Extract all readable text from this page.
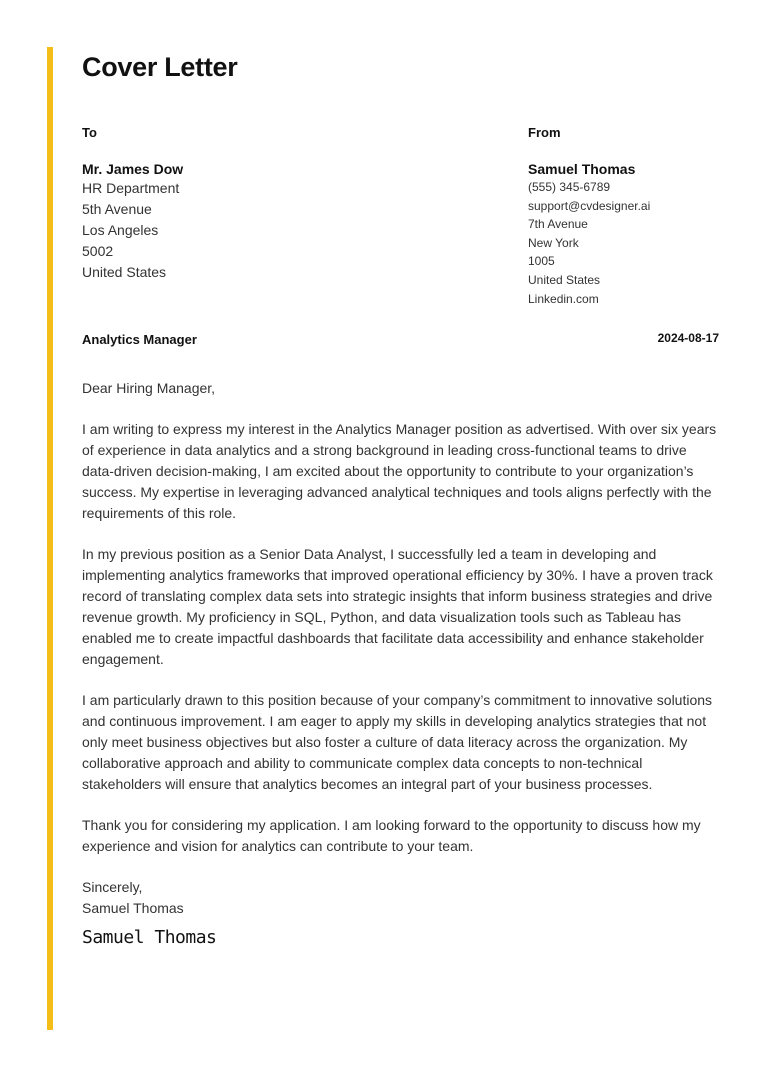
Cover Letter
To
Mr. James Dow
HR Department
5th Avenue
Los Angeles
5002
United States
From
Samuel Thomas
(555) 345-6789
support@cvdesigner.ai
7th Avenue
New York
1005
United States
Linkedin.com
Analytics Manager	2024-08-17

Dear Hiring Manager,

I am writing to express my interest in the Analytics Manager position as advertised. With over six years of experience in data analytics and a strong background in leading cross-functional teams to drive data-driven decision-making, I am excited about the opportunity to contribute to your organization’s success. My expertise in leveraging advanced analytical techniques and tools aligns perfectly with the requirements of this role.

In my previous position as a Senior Data Analyst, I successfully led a team in developing and implementing analytics frameworks that improved operational efficiency by 30%. I have a proven track record of translating complex data sets into strategic insights that inform business strategies and drive revenue growth. My proficiency in SQL, Python, and data visualization tools such as Tableau has enabled me to create impactful dashboards that facilitate data accessibility and enhance stakeholder engagement.

I am particularly drawn to this position because of your company’s commitment to innovative solutions and continuous improvement. I am eager to apply my skills in developing analytics strategies that not only meet business objectives but also foster a culture of data literacy across the organization. My collaborative approach and ability to communicate complex data concepts to non-technical stakeholders will ensure that analytics becomes an integral part of your business processes.

Thank you for considering my application. I am looking forward to the opportunity to discuss how my experience and vision for analytics can contribute to your team.

Sincerely,
Samuel Thomas
Samuel Thomas
